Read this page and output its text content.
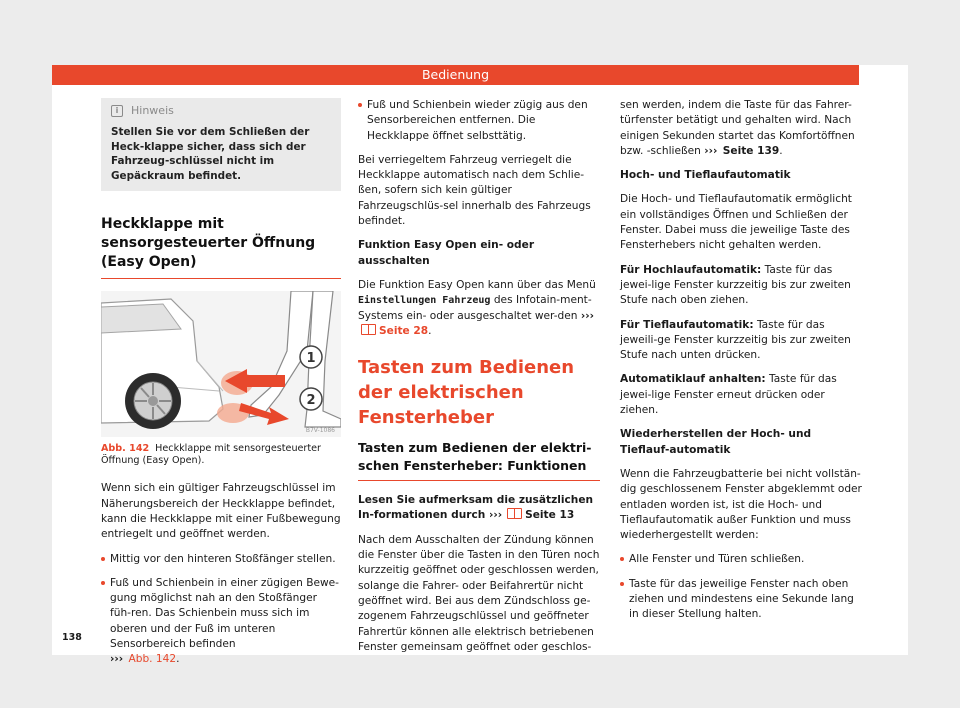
Bedienung
i	Hinweis
Stellen Sie vor dem Schließen der Heck-klappe sicher, dass sich der Fahrzeug-schlüssel nicht im Gepäckraum befindet.
Heckklappe mit sensorgesteuerter Öffnung (Easy Open)
1
2
B7V-1086
Abb. 142 Heckklappe mit sensorgesteuerter Öffnung (Easy Open).

Wenn sich ein gültiger Fahrzeugschlüssel im Näherungsbereich der Heckklappe befindet, kann die Heckklappe mit einer Fußbewegung entriegelt und geöffnet werden.

Mittig vor den hinteren Stoßfänger stellen.

Fuß und Schienbein in einer zügigen Bewe-gung möglichst nah an den Stoßfänger füh-ren. Das Schienbein muss sich im oberen und der Fuß im unteren Sensorbereich befinden
››› Abb. 142.

Fuß und Schienbein wieder zügig aus den Sensorbereichen entfernen. Die Heckklappe öffnet selbsttätig.

Bei verriegeltem Fahrzeug verriegelt die Heckklappe automatisch nach dem Schlie-ßen, sofern sich kein gültiger Fahrzeugschlüs-sel innerhalb des Fahrzeugs befindet.

Funktion Easy Open ein- oder ausschalten

Die Funktion Easy Open kann über das Menü Einstellungen Fahrzeug des Infotain-ment-Systems ein- oder ausgeschaltet wer-den ›››Seite 28.

Tasten zum Bedienen der elektrischen Fensterheber
Tasten zum Bedienen der elektri-schen Fensterheber: Funktionen

Lesen Sie aufmerksam die zusätzlichen In-formationen durch ››› Seite 13

Nach dem Ausschalten der Zündung können die Fenster über die Tasten in den Türen noch kurzzeitig geöffnet oder geschlossen werden, solange die Fahrer- oder Beifahrertür nicht geöffnet wird. Bei aus dem Zündschloss ge-zogenem Fahrzeugschlüssel und geöffneter Fahrertür können alle elektrisch betriebenen Fenster gemeinsam geöffnet oder geschlos-

sen werden, indem die Taste für das Fahrer-türfenster betätigt und gehalten wird. Nach einigen Sekunden startet das Komfortöffnen bzw. -schließen ››› Seite 139.

Hoch- und Tieflaufautomatik

Die Hoch- und Tieflaufautomatik ermöglicht ein vollständiges Öffnen und Schließen der Fenster. Dabei muss die jeweilige Taste des Fensterhebers nicht gehalten werden.

Für Hochlaufautomatik: Taste für das jewei-lige Fenster kurzzeitig bis zur zweiten Stufe nach oben ziehen.

Für Tieflaufautomatik: Taste für das jeweili-ge Fenster kurzzeitig bis zur zweiten Stufe nach unten drücken.

Automatiklauf anhalten: Taste für das jewei-lige Fenster erneut drücken oder ziehen.

Wiederherstellen der Hoch- und Tieflauf-automatik

Wenn die Fahrzeugbatterie bei nicht vollstän-dig geschlossenem Fenster abgeklemmt oder entladen worden ist, ist die Hoch- und Tieflaufautomatik außer Funktion und muss wiederhergestellt werden:

Alle Fenster und Türen schließen.

Taste für das jeweilige Fenster nach oben ziehen und mindestens eine Sekunde lang in dieser Stellung halten.

138
